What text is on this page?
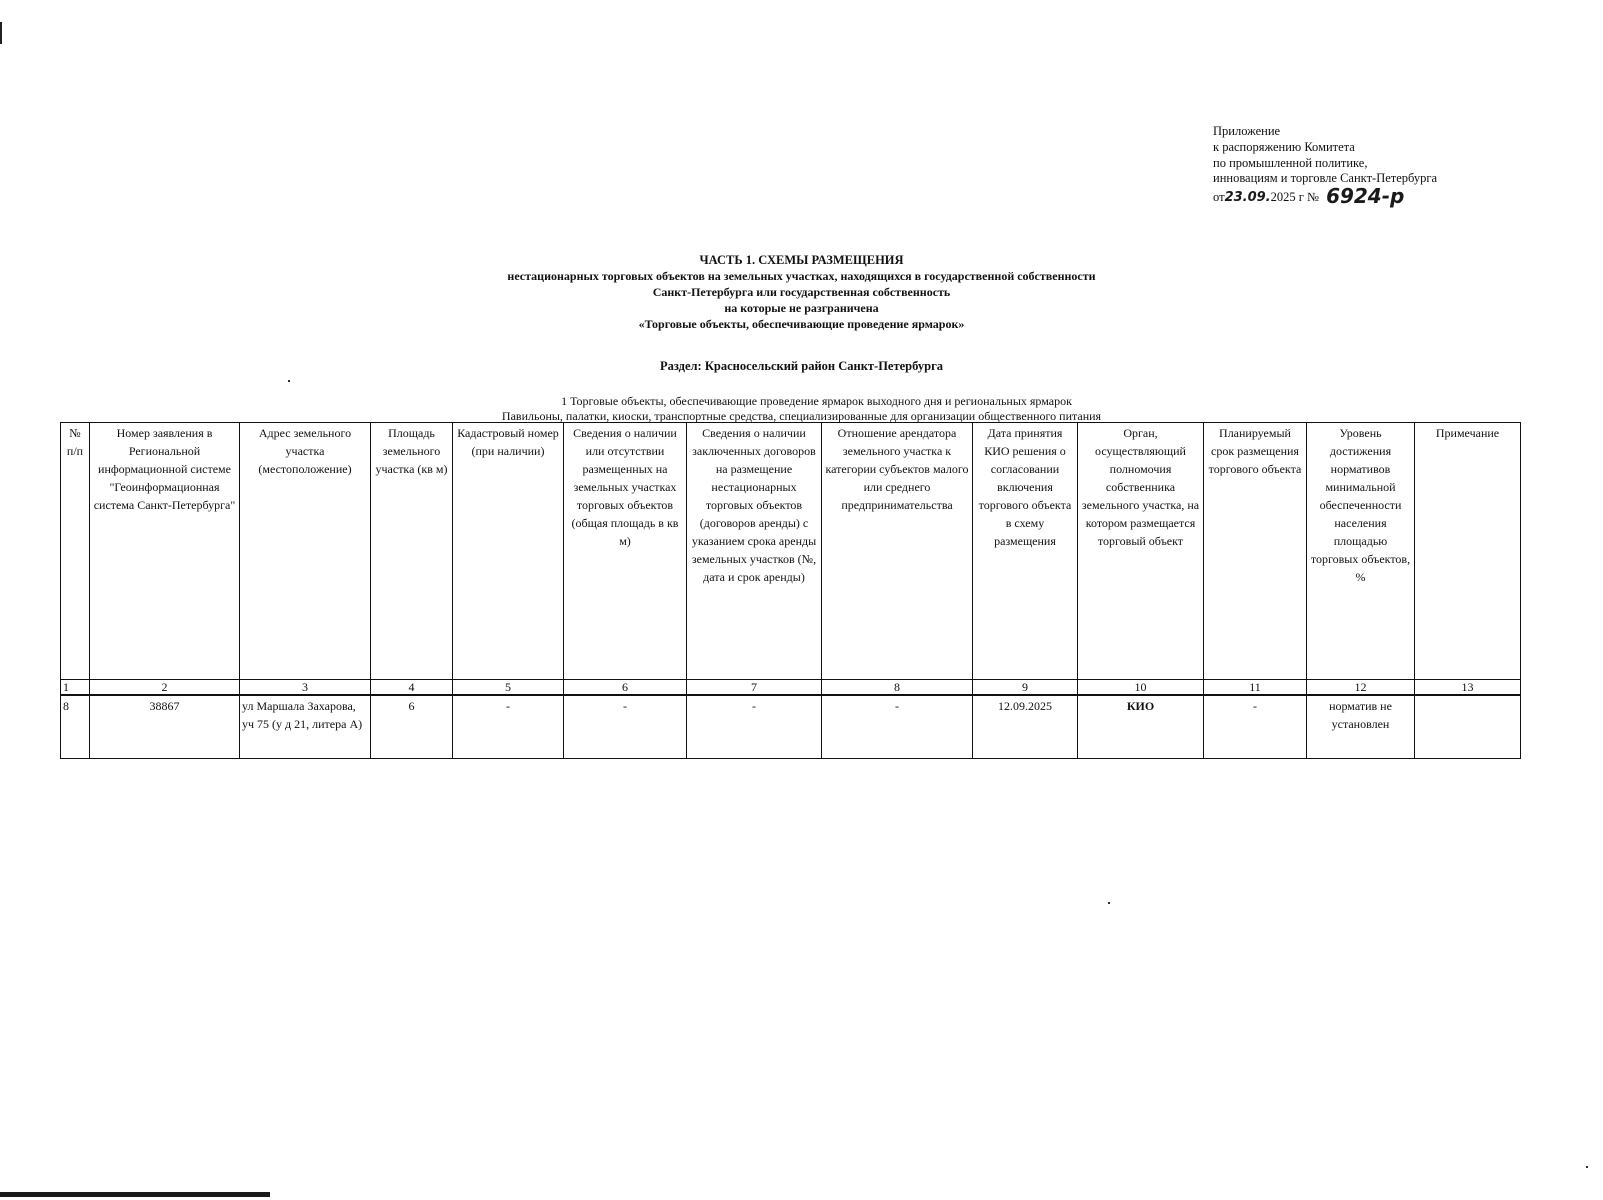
Приложение
к распоряжению Комитета
по промышленной политике,
инновациям и торговле Санкт-Петербурга
от23.09.2025 г № 6924-р
ЧАСТЬ 1. СХЕМЫ РАЗМЕЩЕНИЯ
нестационарных торговых объектов на земельных участках, находящихся в государственной собственности
Санкт-Петербурга или государственная собственность
на которые не разграничена
«Торговые объекты, обеспечивающие проведение ярмарок»
Раздел: Красносельский район Санкт-Петербурга
1 Торговые объекты, обеспечивающие проведение ярмарок выходного дня и региональных ярмарок
Павильоны, палатки, киоски, транспортные средства, специализированные для организации общественного питания
№ п/п	Номер заявления в Региональной информационной системе "Геоинформационная система Санкт-Петербурга"	Адрес земельного участка (местоположение)	Площадь земельного участка (кв м)	Кадастровый номер (при наличии)	Сведения о наличии или отсутствии размещенных на земельных участках торговых объектов (общая площадь в кв м)	Сведения о наличии заключенных договоров на размещение нестационарных торговых объектов (договоров аренды) с указанием срока аренды земельных участков (№, дата и срок аренды)	Отношение арендатора земельного участка к категории субъектов малого или среднего предпринимательства	Дата принятия КИО решения о согласовании включения торгового объекта в схему размещения	Орган, осуществляющий полномочия собственника земельного участка, на котором размещается торговый объект	Планируемый срок размещения торгового объекта	Уровень достижения нормативов минимальной обеспеченности населения площадью торговых объектов, %	Примечание
1	2	3	4	5	6	7	8	9	10	11	12	13
8	38867	ул Маршала Захарова, уч 75 (у д 21, литера А)	6	-	-	-	-	12.09.2025	КИО	-	норматив не установлен	
